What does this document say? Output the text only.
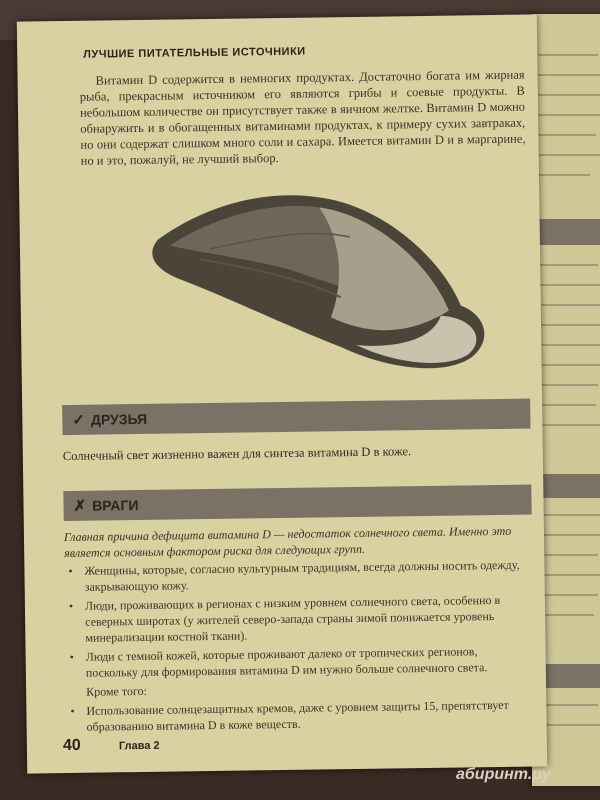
ЛУЧШИЕ ПИТАТЕЛЬНЫЕ ИСТОЧНИКИ
Витамин D содержится в немногих продуктах. Достаточно богата им жирная рыба, прекрасным источником его являются грибы и соевые продукты. В небольшом количестве он присутствует также в яичном желтке. Витамин D можно обнаружить и в обогащенных витаминами продуктах, к примеру сухих завтраках, но они содержат слишком много соли и сахара. Имеется витамин D и в маргарине, но и это, пожалуй, не лучший выбор.
✓ ДРУЗЬЯ
Солнечный свет жизненно важен для синтеза витамина D в коже.
✗ ВРАГИ
Главная причина дефицита витамина D — недостаток солнечного света. Именно это является основным фактором риска для следующих групп.
• Женщины, которые, согласно культурным традициям, всегда должны носить одежду, закрывающую кожу.
• Люди, проживающих в регионах с низким уровнем солнечного света, особенно в северных широтах (у жителей северо-запада страны зимой понижается уровень минерализации костной ткани).
• Люди с темной кожей, которые проживают далеко от тропических регионов, поскольку для формирования витамина D им нужно больше солнечного света.
Кроме того:
• Использование солнцезащитных кремов, даже с уровнем защиты 15, препятствует образованию витамина D в коже веществ.
40	Глава 2
абиринт.ру
